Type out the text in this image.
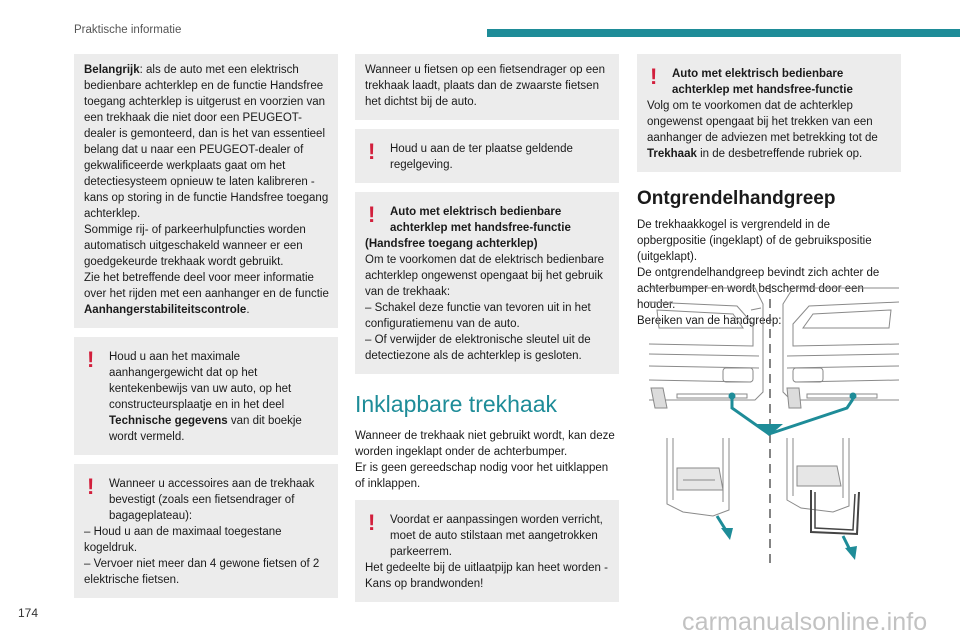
Praktische informatie

Belangrijk: als de auto met een elektrisch bedienbare achterklep en de functie Handsfree toegang achterklep is uitgerust en voorzien van een trekhaak die niet door een PEUGEOT-dealer is gemonteerd, dan is het van essentieel belang dat u naar een PEUGEOT-dealer of gekwalificeerde werkplaats gaat om het detectiesysteem opnieuw te laten kalibreren - kans op storing in de functie Handsfree toegang achterklep.

Sommige rij- of parkeerhulpfuncties worden automatisch uitgeschakeld wanneer er een goedgekeurde trekhaak wordt gebruikt.

Zie het betreffende deel voor meer informatie over het rijden met een aanhanger en de functie Aanhangerstabiliteitscontrole.

!	Houd u aan het maximale aanhangergewicht dat op het kentekenbewijs van uw auto, op het constructeursplaatje en in het deel Technische gegevens van dit boekje wordt vermeld.

!	Wanneer u accessoires aan de trekhaak bevestigt (zoals een fietsendrager of bagageplateau):

– Houd u aan de maximaal toegestane kogeldruk.

– Vervoer niet meer dan 4 gewone fietsen of 2 elektrische fietsen.

Wanneer u fietsen op een fietsendrager op een trekhaak laadt, plaats dan de zwaarste fietsen het dichtst bij de auto.

!	Houd u aan de ter plaatse geldende regelgeving.

!	Auto met elektrisch bedienbare achterklep met handsfree-functie

(Handsfree toegang achterklep)

Om te voorkomen dat de elektrisch bedienbare achterklep ongewenst opengaat bij het gebruik van de trekhaak:

– Schakel deze functie van tevoren uit in het configuratiemenu van de auto.

– Of verwijder de elektronische sleutel uit de detectiezone als de achterklep is gesloten.

Inklapbare trekhaak

Wanneer de trekhaak niet gebruikt wordt, kan deze worden ingeklapt onder de achterbumper.

Er is geen gereedschap nodig voor het uitklappen of inklappen.

!	Voordat er aanpassingen worden verricht, moet de auto stilstaan met aangetrokken parkeerrem.

Het gedeelte bij de uitlaatpijp kan heet worden - Kans op brandwonden!

!	Auto met elektrisch bedienbare achterklep met handsfree-functie

Volg om te voorkomen dat de achterklep ongewenst opengaat bij het trekken van een aanhanger de adviezen met betrekking tot de Trekhaak in de desbetreffende rubriek op.

Ontgrendelhandgreep

De trekhaakkogel is vergrendeld in de opbergpositie (ingeklapt) of de gebruikspositie (uitgeklapt).

De ontgrendelhandgreep bevindt zich achter de achterbumper en wordt beschermd door een houder.

Bereiken van de handgreep:

174	carmanualsonline.info
